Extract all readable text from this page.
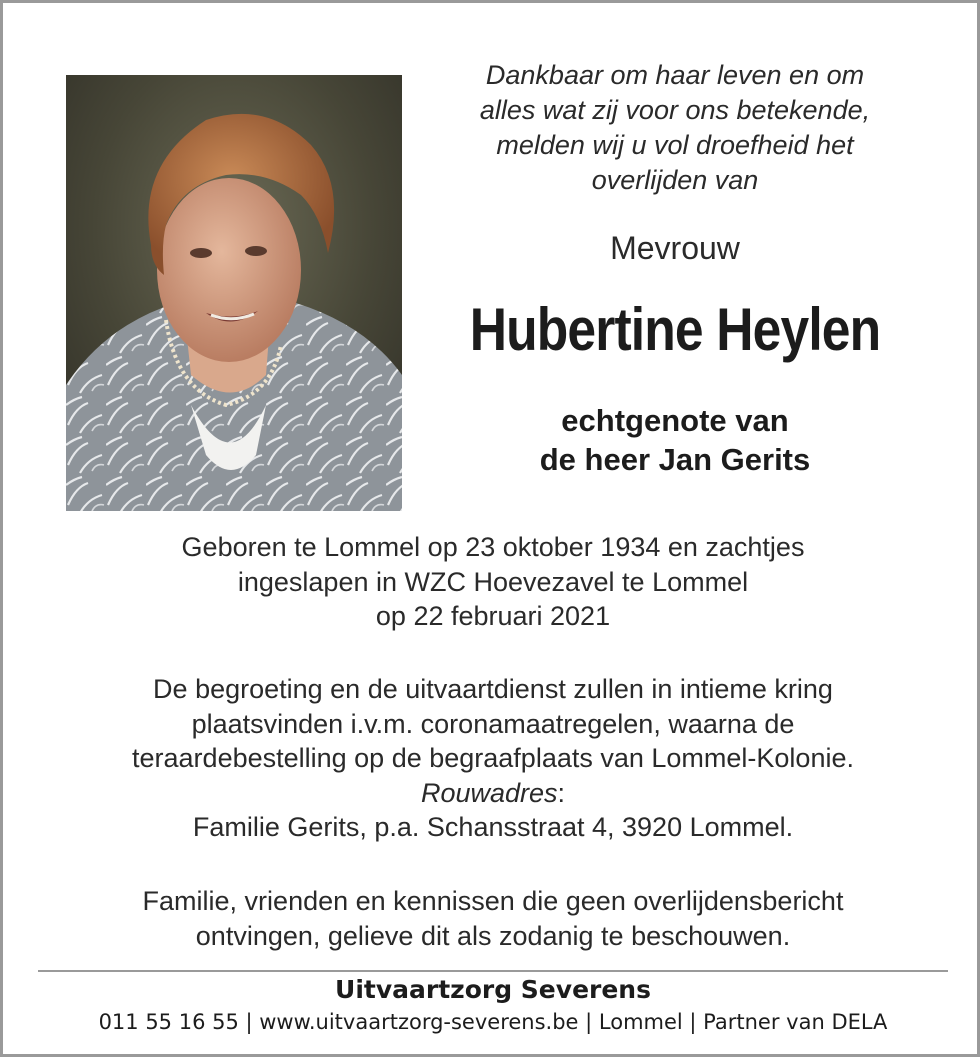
Dankbaar om haar leven en om
alles wat zij voor ons betekende,
melden wij u vol droefheid het
overlijden van
Mevrouw
Hubertine Heylen
echtgenote van
de heer Jan Gerits
Geboren te Lommel op 23 oktober 1934 en zachtjes
ingeslapen in WZC Hoevezavel te Lommel
op 22 februari 2021
De begroeting en de uitvaartdienst zullen in intieme kring
plaatsvinden i.v.m. coronamaatregelen, waarna de
teraardebestelling op de begraafplaats van Lommel-Kolonie.
Rouwadres:
Familie Gerits, p.a. Schansstraat 4, 3920 Lommel.
Familie, vrienden en kennissen die geen overlijdensbericht
ontvingen, gelieve dit als zodanig te beschouwen.
Uitvaartzorg Severens
011 55 16 55 | www.uitvaartzorg-severens.be | Lommel | Partner van DELA
